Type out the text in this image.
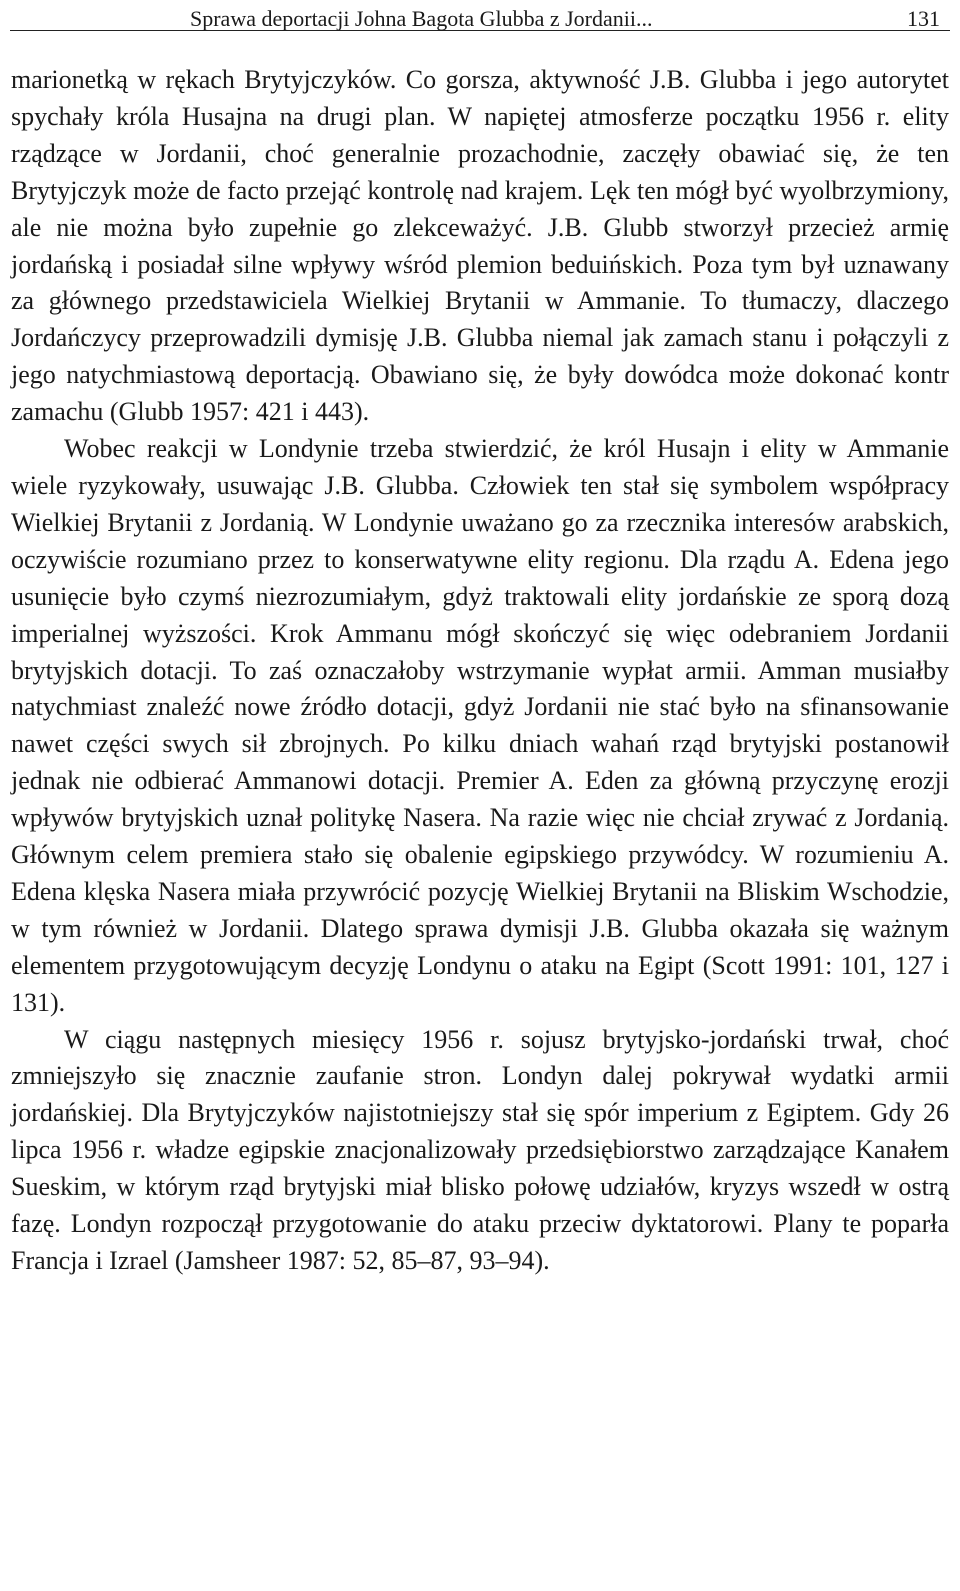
Sprawa deportacji Johna Bagota Glubba z Jordanii...	131

marionetką w rękach Brytyjczyków. Co gorsza, aktywność J.B. Glubba i jego autorytet spychały króla Husajna na drugi plan. W napiętej atmosferze początku 1956 r. elity rządzące w Jordanii, choć generalnie prozachodnie, zaczęły obawiać się, że ten Brytyjczyk może de facto przejąć kontrolę nad krajem. Lęk ten mógł być wyolbrzymiony, ale nie można było zupełnie go zlekceważyć. J.B. Glubb stworzył przecież armię jordańską i posiadał silne wpływy wśród plemion beduińskich. Poza tym był uznawany za głównego przedstawiciela Wielkiej Brytanii w Ammanie. To tłumaczy, dlaczego Jordańczycy przeprowadzili dymisję J.B. Glubba niemal jak zamach stanu i połączyli z jego natychmiastową deportacją. Obawiano się, że były dowódca może dokonać kontr zamachu (Glubb 1957: 421 i 443).

Wobec reakcji w Londynie trzeba stwierdzić, że król Husajn i elity w Ammanie wiele ryzykowały, usuwając J.B. Glubba. Człowiek ten stał się symbolem współpracy Wielkiej Brytanii z Jordanią. W Londynie uważano go za rzecznika interesów arabskich, oczywiście rozumiano przez to konserwatywne elity regionu. Dla rządu A. Edena jego usunięcie było czymś niezrozumiałym, gdyż traktowali elity jordańskie ze sporą dozą imperialnej wyższości. Krok Ammanu mógł skończyć się więc odebraniem Jordanii brytyjskich dotacji. To zaś oznaczałoby wstrzymanie wypłat armii. Amman musiałby natychmiast znaleźć nowe źródło dotacji, gdyż Jordanii nie stać było na sfinansowanie nawet części swych sił zbrojnych. Po kilku dniach wahań rząd brytyjski postanowił jednak nie odbierać Ammanowi dotacji. Premier A. Eden za główną przyczynę erozji wpływów brytyjskich uznał politykę Nasera. Na razie więc nie chciał zrywać z Jordanią. Głównym celem premiera stało się obalenie egipskiego przywódcy. W rozumieniu A. Edena klęska Nasera miała przywrócić pozycję Wielkiej Brytanii na Bliskim Wschodzie, w tym również w Jordanii. Dlatego sprawa dymisji J.B. Glubba okazała się ważnym elementem przygotowującym decyzję Londynu o ataku na Egipt (Scott 1991: 101, 127 i 131).

W ciągu następnych miesięcy 1956 r. sojusz brytyjsko-jordański trwał, choć zmniejszyło się znacznie zaufanie stron. Londyn dalej pokrywał wydatki armii jordańskiej. Dla Brytyjczyków najistotniejszy stał się spór imperium z Egiptem. Gdy 26 lipca 1956 r. władze egipskie znacjonalizowały przedsiębiorstwo zarządzające Kanałem Sueskim, w którym rząd brytyjski miał blisko połowę udziałów, kryzys wszedł w ostrą fazę. Londyn rozpoczął przygotowanie do ataku przeciw dyktatorowi. Plany te poparła Francja i Izrael (Jamsheer 1987: 52, 85–87, 93–94).
